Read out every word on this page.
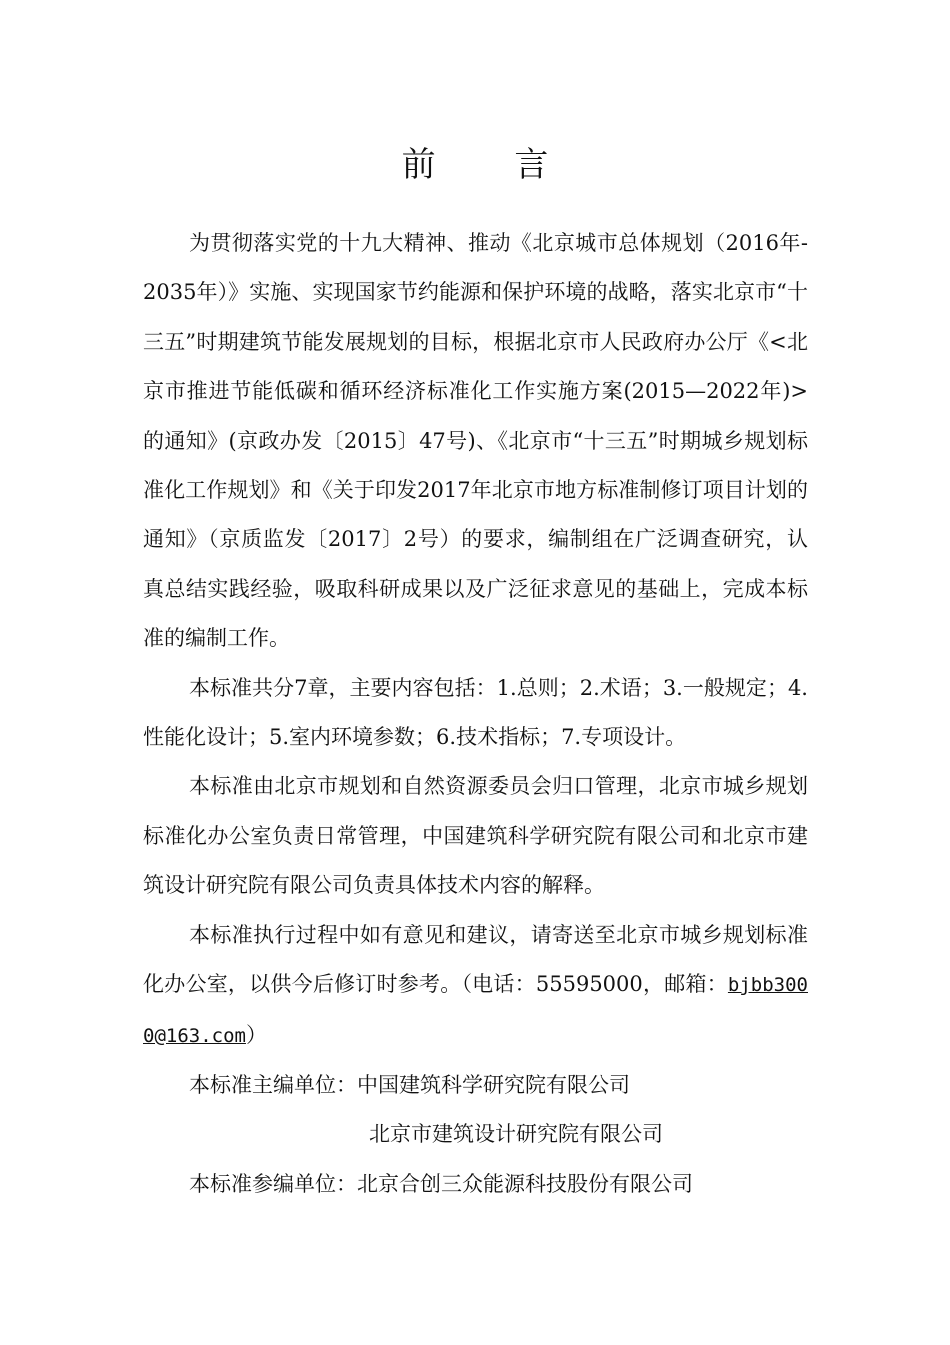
前 言

为贯彻落实党的十九大精神、推动《北京城市总体规划（2016年-2035年）》实施、实现国家节约能源和保护环境的战略，落实北京市“十三五”时期建筑节能发展规划的目标，根据北京市人民政府办公厅《<北京市推进节能低碳和循环经济标准化工作实施方案(2015—2022年)>的通知》(京政办发〔2015〕47号)、《北京市“十三五”时期城乡规划标准化工作规划》和《关于印发2017年北京市地方标准制修订项目计划的通知》（京质监发〔2017〕2号）的要求，编制组在广泛调查研究，认真总结实践经验，吸取科研成果以及广泛征求意见的基础上，完成本标准的编制工作。

本标准共分7章，主要内容包括：1.总则；2.术语；3.一般规定；4.性能化设计；5.室内环境参数；6.技术指标；7.专项设计。

本标准由北京市规划和自然资源委员会归口管理，北京市城乡规划标准化办公室负责日常管理，中国建筑科学研究院有限公司和北京市建筑设计研究院有限公司负责具体技术内容的解释。

本标准执行过程中如有意见和建议，请寄送至北京市城乡规划标准化办公室，以供今后修订时参考。（电话：55595000，邮箱：bjbb3000@163.com）

本标准主编单位：中国建筑科学研究院有限公司

北京市建筑设计研究院有限公司

本标准参编单位：北京合创三众能源科技股份有限公司
